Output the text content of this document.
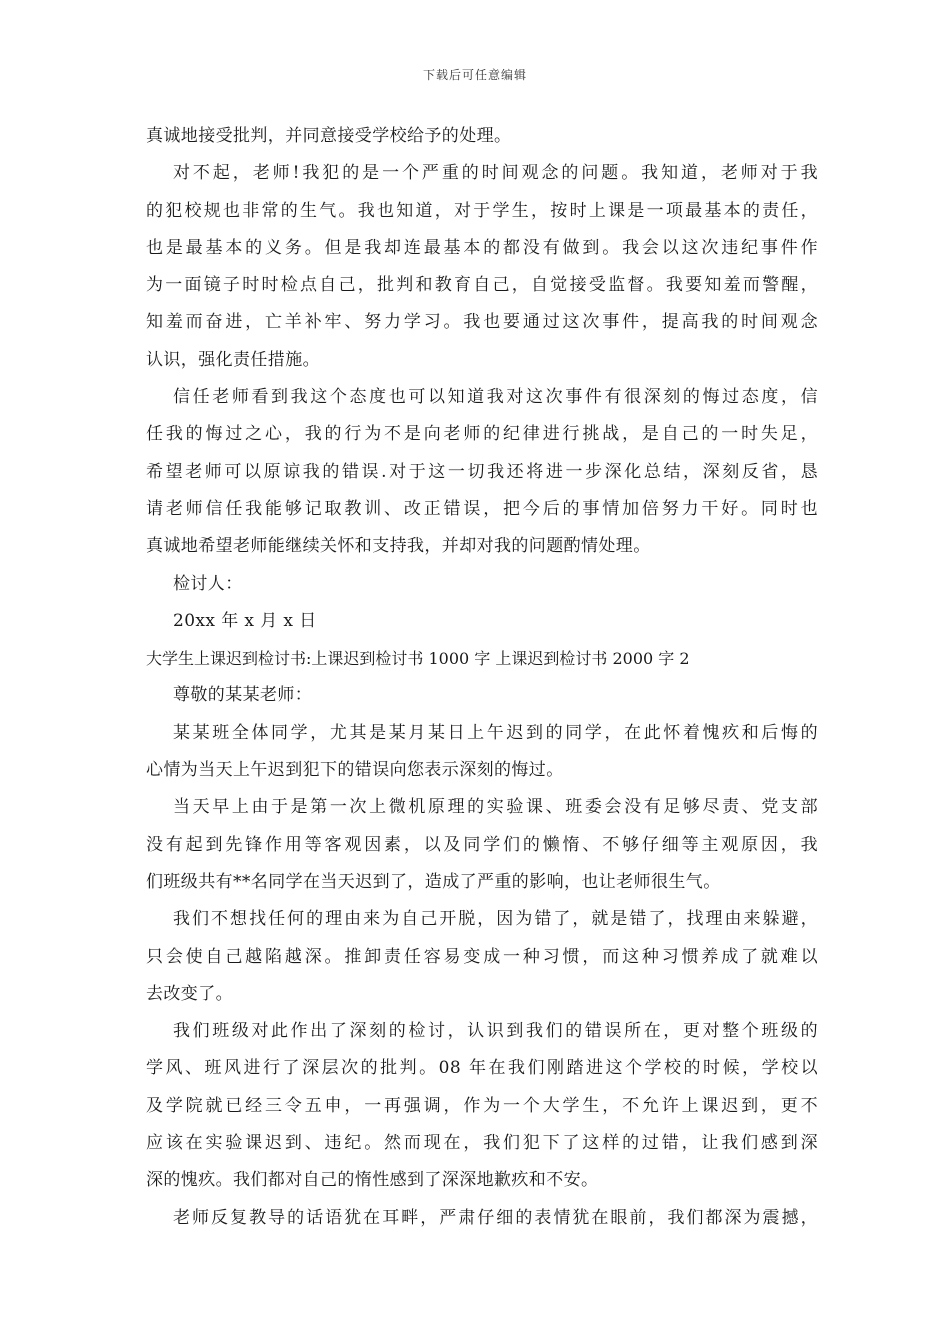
下载后可任意编辑
真诚地接受批判，并同意接受学校给予的处理。
对不起，老师!我犯的是一个严重的时间观念的问题。我知道，老师对于我
的犯校规也非常的生气。我也知道，对于学生，按时上课是一项最基本的责任，
也是最基本的义务。但是我却连最基本的都没有做到。我会以这次违纪事件作
为一面镜子时时检点自己，批判和教育自己，自觉接受监督。我要知羞而警醒，
知羞而奋进，亡羊补牢、努力学习。我也要通过这次事件，提高我的时间观念
认识，强化责任措施。
信任老师看到我这个态度也可以知道我对这次事件有很深刻的悔过态度，信
任我的悔过之心，我的行为不是向老师的纪律进行挑战，是自己的一时失足，
希望老师可以原谅我的错误.对于这一切我还将进一步深化总结，深刻反省，恳
请老师信任我能够记取教训、改正错误，把今后的事情加倍努力干好。同时也
真诚地希望老师能继续关怀和支持我，并却对我的问题酌情处理。
检讨人：
20xx 年 x 月 x 日
大学生上课迟到检讨书:上课迟到检讨书 1000 字 上课迟到检讨书 2000 字 2
尊敬的某某老师：
某某班全体同学，尤其是某月某日上午迟到的同学，在此怀着愧疚和后悔的
心情为当天上午迟到犯下的错误向您表示深刻的悔过。
当天早上由于是第一次上微机原理的实验课、班委会没有足够尽责、党支部
没有起到先锋作用等客观因素，以及同学们的懒惰、不够仔细等主观原因，我
们班级共有**名同学在当天迟到了，造成了严重的影响，也让老师很生气。
我们不想找任何的理由来为自己开脱，因为错了，就是错了，找理由来躲避，
只会使自己越陷越深。推卸责任容易变成一种习惯，而这种习惯养成了就难以
去改变了。
我们班级对此作出了深刻的检讨，认识到我们的错误所在，更对整个班级的
学风、班风进行了深层次的批判。08 年在我们刚踏进这个学校的时候，学校以
及学院就已经三令五申，一再强调，作为一个大学生，不允许上课迟到，更不
应该在实验课迟到、违纪。然而现在，我们犯下了这样的过错，让我们感到深
深的愧疚。我们都对自己的惰性感到了深深地歉疚和不安。
老师反复教导的话语犹在耳畔，严肃仔细的表情犹在眼前，我们都深为震撼，
